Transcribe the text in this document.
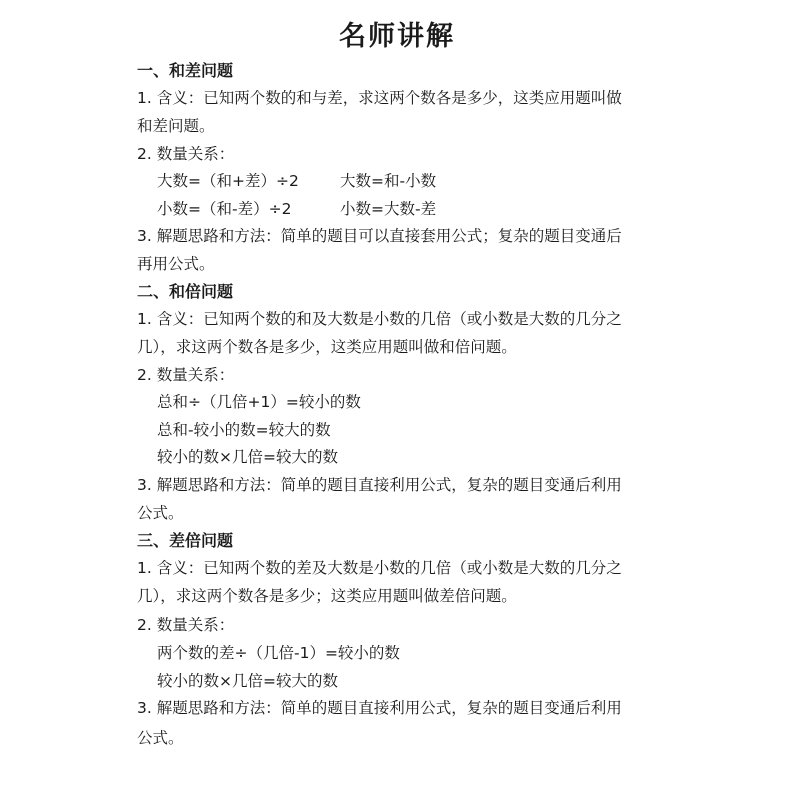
名师讲解
一、和差问题
1. 含义：已知两个数的和与差，求这两个数各是多少，这类应用题叫做
和差问题。
2. 数量关系：
大数=（和+差）÷2	大数=和-小数
小数=（和-差）÷2	小数=大数-差
3. 解题思路和方法：简单的题目可以直接套用公式；复杂的题目变通后
再用公式。
二、和倍问题
1. 含义：已知两个数的和及大数是小数的几倍（或小数是大数的几分之
几），求这两个数各是多少，这类应用题叫做和倍问题。
2. 数量关系：
总和÷（几倍+1）=较小的数
总和-较小的数=较大的数
较小的数×几倍=较大的数
3. 解题思路和方法：简单的题目直接利用公式，复杂的题目变通后利用
公式。
三、差倍问题
1. 含义：已知两个数的差及大数是小数的几倍（或小数是大数的几分之
几），求这两个数各是多少；这类应用题叫做差倍问题。
2. 数量关系：
两个数的差÷（几倍-1）=较小的数
较小的数×几倍=较大的数
3. 解题思路和方法：简单的题目直接利用公式，复杂的题目变通后利用
公式。
